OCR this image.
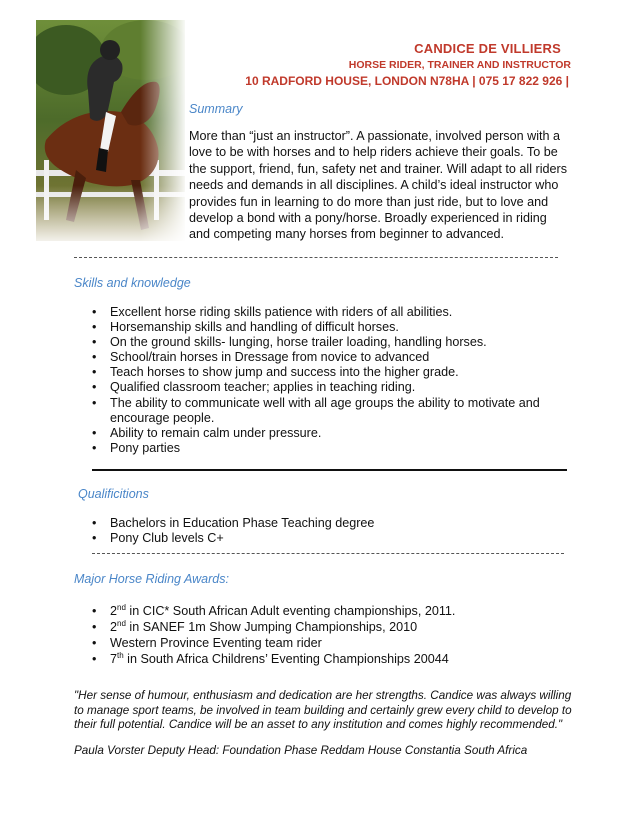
CANDICE DE VILLIERS
HORSE RIDER, TRAINER AND INSTRUCTOR
10 RADFORD HOUSE, LONDON N78HA | 075 17 822 926 |
Summary
More than “just an instructor”. A passionate, involved person with a love to be with horses and to help riders achieve their goals. To be the support, friend, fun, safety net and trainer. Will adapt to all riders needs and demands in all disciplines. A child’s ideal instructor who provides fun in learning to do more than just ride, but to love and develop a bond with a pony/horse. Broadly experienced in riding and competing many horses from beginner to advanced.
Skills and knowledge
• Excellent horse riding skills patience with riders of all abilities.
• Horsemanship skills and handling of difficult horses.
• On the ground skills- lunging, horse trailer loading, handling horses.
• School/train horses in Dressage from novice to advanced
• Teach horses to show jump and success into the higher grade.
• Qualified classroom teacher; applies in teaching riding.
• The ability to communicate well with all age groups the ability to motivate and encourage people.
• Ability to remain calm under pressure.
• Pony parties
Qualificitions
• Bachelors in Education Phase Teaching degree
• Pony Club levels C+
Major Horse Riding Awards:
• 2nd in CIC* South African Adult eventing championships, 2011.
• 2nd in SANEF 1m Show Jumping Championships, 2010
• Western Province Eventing team rider
• 7th in South Africa Childrens’ Eventing Championships 20044
"Her sense of humour, enthusiasm and dedication are her strengths. Candice was always willing to manage sport teams, be involved in team building and certainly grew every child to develop to their full potential. Candice will be an asset to any institution and comes highly recommended."
Paula Vorster Deputy Head: Foundation Phase Reddam House Constantia South Africa
